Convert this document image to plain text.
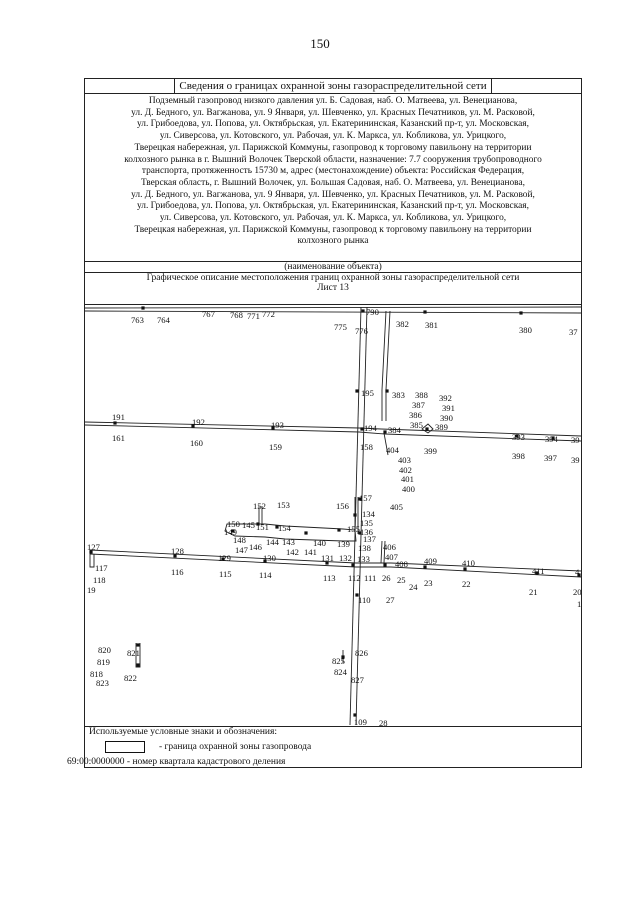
150
Сведения о границах охранной зоны газораспределительной сети
Подземный газопровод низкого давления ул. Б. Садовая, наб. О. Матвеева, ул. Венецианова,
ул. Д. Бедного, ул. Вагжанова, ул. 9 Января, ул. Шевченко, ул. Красных Печатников, ул. М. Расковой,
ул. Грибоедова, ул. Попова, ул. Октябрьская, ул. Екатерининская, Казанский пр-т, ул. Московская,
ул. Сиверсова, ул. Котовского, ул. Рабочая, ул. К. Маркса, ул. Кобликова, ул. Урицкого,
Тверецкая набережная, ул. Парижской Коммуны, газопровод к торговому павильону на территории
колхозного рынка в г. Вышний Волочек Тверской области, назначение: 7.7 сооружения трубопроводного
транспорта, протяженность 15730 м, адрес (местонахождение) объекта: Российская Федерация,
Тверская область, г. Вышний Волочек, ул. Большая Садовая, наб. О. Матвеева, ул. Венецианова,
ул. Д. Бедного, ул. Вагжанова, ул. 9 Января, ул. Шевченко, ул. Красных Печатников, ул. М. Расковой,
ул. Грибоедова, ул. Попова, ул. Октябрьская, ул. Екатерининская, Казанский пр-т, ул. Московская,
ул. Сиверсова, ул. Котовского, ул. Рабочая, ул. К. Маркса, ул. Кобликова, ул. Урицкого,
Тверецкая набережная, ул. Парижской Коммуны, газопровод к торговому павильону на территории
колхозного рынка
(наименование объекта)
Графическое описание местоположения границ охранной зоны газораспределительной сети
Лист 13
763 764
767 768 771 772
775 776
790
382 381	380	37
195 383 388 392
387 391
386 390
385 389
384
194
191	192	193
161	160	159	158 404	399
393 394 39
398 397 39
403
402
401
400
157
156	405
134
135
136
137
152 153
150 145 151 154
149	155
148 144 143 140 139 138
147 146	142 141	406
407
130	131 132 133	408 409	410
411	4
127	128
129
117	116	115	114	113 112 111 26 25
24 23	22
21	20
1
118
19
110 27
820 821
819
818 822
823
826
825
824
827
109 28
Используемые условные знаки и обозначения:
- граница охранной зоны газопровода
69:00:0000000 - номер квартала кадастрового деления
